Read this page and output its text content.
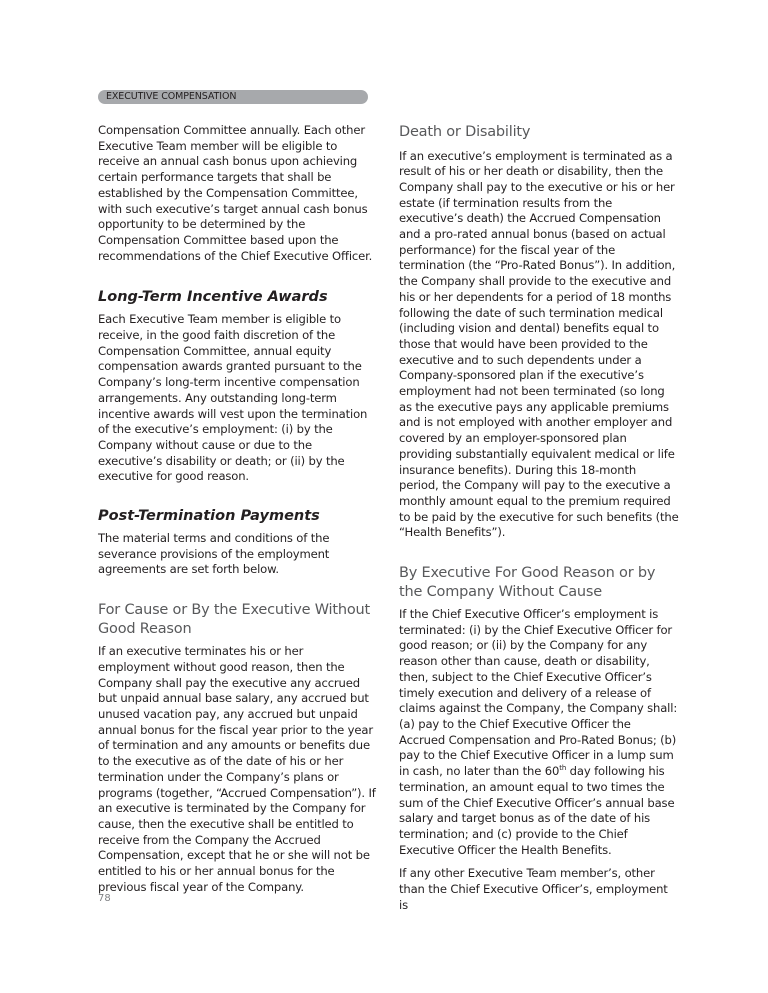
EXECUTIVE COMPENSATION

Compensation Committee annually. Each other Executive Team member will be eligible to receive an annual cash bonus upon achieving certain performance targets that shall be established by the Compensation Committee, with such executive’s target annual cash bonus opportunity to be determined by the Compensation Committee based upon the recommendations of the Chief Executive Officer.

Long-Term Incentive Awards

Each Executive Team member is eligible to receive, in the good faith discretion of the Compensation Committee, annual equity compensation awards granted pursuant to the Company’s long-term incentive compensation arrangements. Any outstanding long-term incentive awards will vest upon the termination of the executive’s employment: (i) by the Company without cause or due to the executive’s disability or death; or (ii) by the executive for good reason.

Post-Termination Payments

The material terms and conditions of the severance provisions of the employment agreements are set forth below.

For Cause or By the Executive Without Good Reason

If an executive terminates his or her employment without good reason, then the Company shall pay the executive any accrued but unpaid annual base salary, any accrued but unused vacation pay, any accrued but unpaid annual bonus for the fiscal year prior to the year of termination and any amounts or benefits due to the executive as of the date of his or her termination under the Company’s plans or programs (together, “Accrued Compensation”). If an executive is terminated by the Company for cause, then the executive shall be entitled to receive from the Company the Accrued Compensation, except that he or she will not be entitled to his or her annual bonus for the previous fiscal year of the Company.

Death or Disability

If an executive’s employment is terminated as a result of his or her death or disability, then the Company shall pay to the executive or his or her estate (if termination results from the executive’s death) the Accrued Compensation and a pro-rated annual bonus (based on actual performance) for the fiscal year of the termination (the “Pro-Rated Bonus”). In addition, the Company shall provide to the executive and his or her dependents for a period of 18 months following the date of such termination medical (including vision and dental) benefits equal to those that would have been provided to the executive and to such dependents under a Company-sponsored plan if the executive’s employment had not been terminated (so long as the executive pays any applicable premiums and is not employed with another employer and covered by an employer-sponsored plan providing substantially equivalent medical or life insurance benefits). During this 18-month period, the Company will pay to the executive a monthly amount equal to the premium required to be paid by the executive for such benefits (the “Health Benefits”).

By Executive For Good Reason or by the Company Without Cause

If the Chief Executive Officer’s employment is terminated: (i) by the Chief Executive Officer for good reason; or (ii) by the Company for any reason other than cause, death or disability, then, subject to the Chief Executive Officer’s timely execution and delivery of a release of claims against the Company, the Company shall: (a) pay to the Chief Executive Officer the Accrued Compensation and Pro-Rated Bonus; (b) pay to the Chief Executive Officer in a lump sum in cash, no later than the 60th day following his termination, an amount equal to two times the sum of the Chief Executive Officer’s annual base salary and target bonus as of the date of his termination; and (c) provide to the Chief Executive Officer the Health Benefits.

If any other Executive Team member’s, other than the Chief Executive Officer’s, employment is

78
